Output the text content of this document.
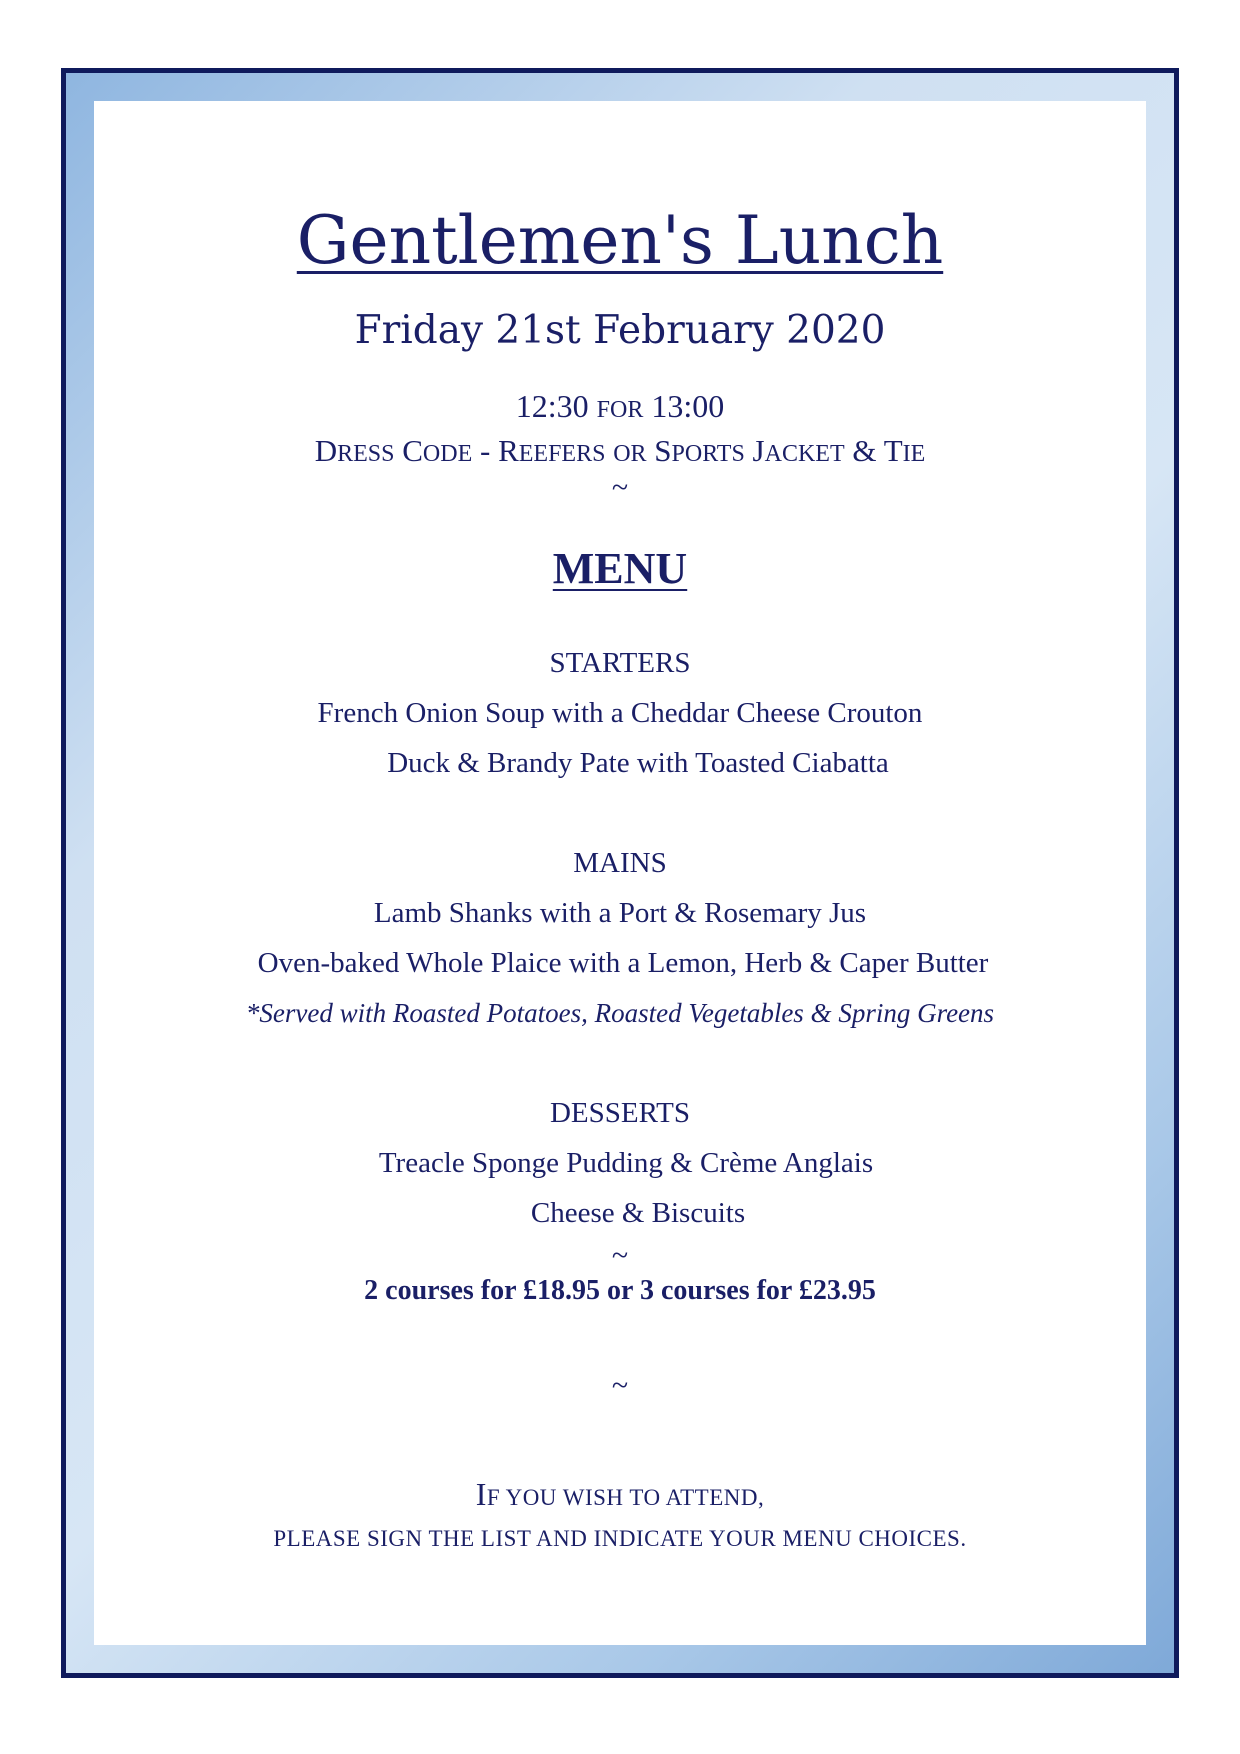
Gentlemen's Lunch
Friday 21st February 2020
12:30 FOR 13:00
DRESS CODE - REEFERS OR SPORTS JACKET & TIE
~
MENU
STARTERS
French Onion Soup with a Cheddar Cheese Crouton
Duck & Brandy Pate with Toasted Ciabatta
MAINS
Lamb Shanks with a Port & Rosemary Jus
Oven-baked Whole Plaice with a Lemon, Herb & Caper Butter
*Served with Roasted Potatoes, Roasted Vegetables & Spring Greens
DESSERTS
Treacle Sponge Pudding & Crème Anglais
Cheese & Biscuits
~
2 courses for £18.95 or 3 courses for £23.95
~
IF YOU WISH TO ATTEND,
PLEASE SIGN THE LIST AND INDICATE YOUR MENU CHOICES.
